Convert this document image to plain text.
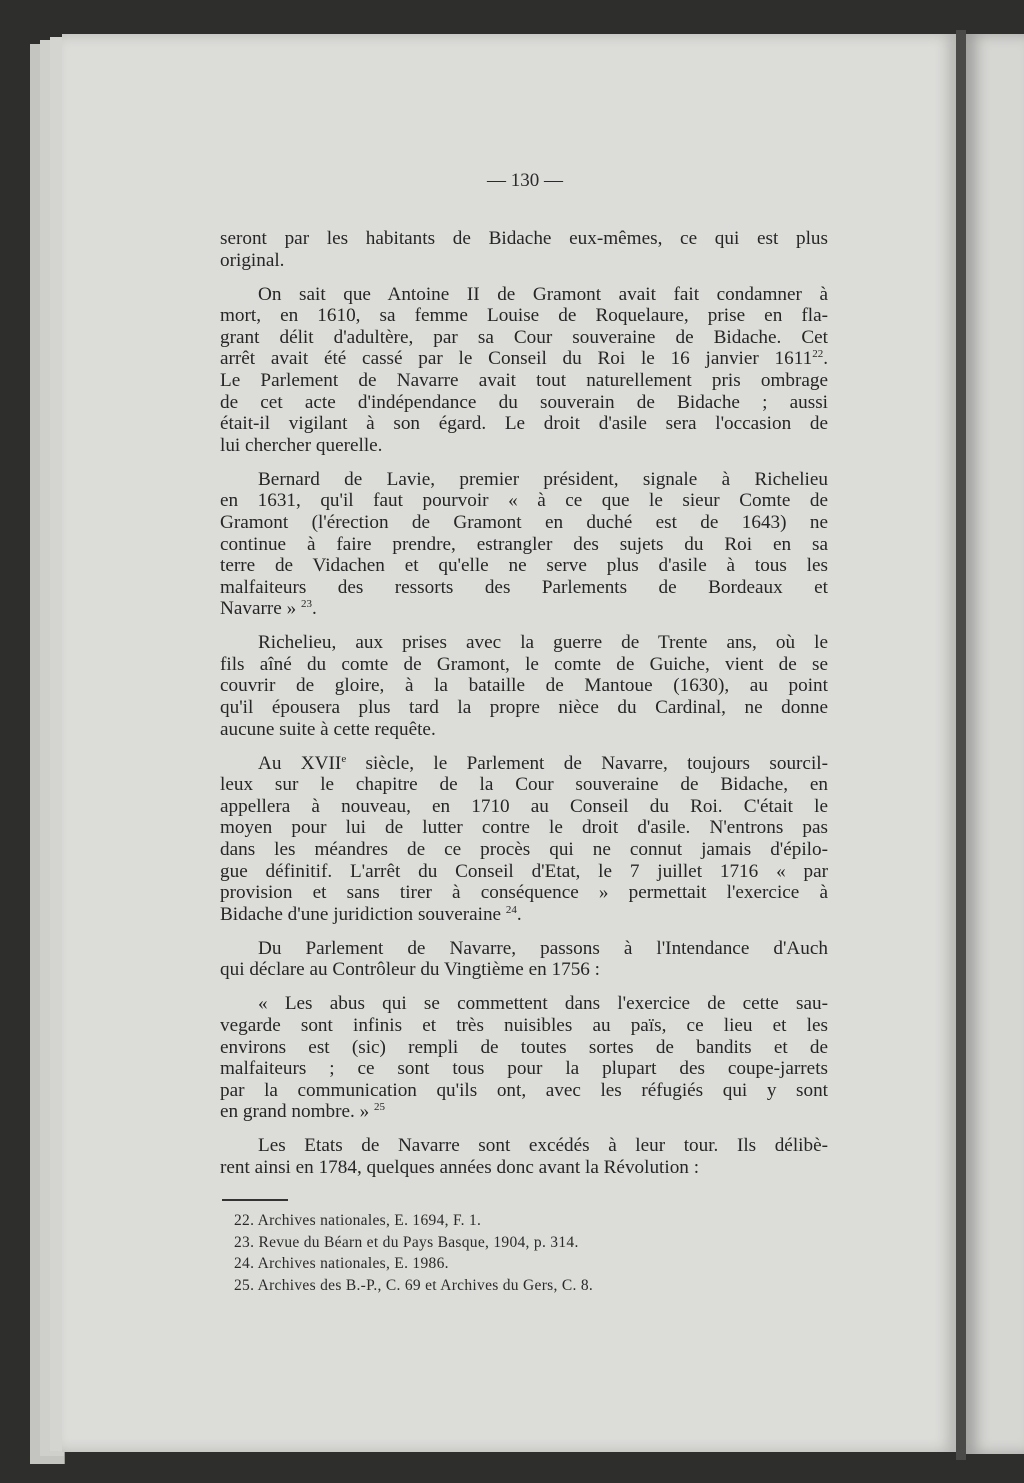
— 130 —
seront par les habitants de Bidache eux-mêmes, ce qui est plus
original.
On sait que Antoine II de Gramont avait fait condamner à
mort, en 1610, sa femme Louise de Roquelaure, prise en fla-
grant délit d'adultère, par sa Cour souveraine de Bidache. Cet
arrêt avait été cassé par le Conseil du Roi le 16 janvier 1611$^{22}$.
Le Parlement de Navarre avait tout naturellement pris ombrage
de cet acte d'indépendance du souverain de Bidache ; aussi
était-il vigilant à son égard. Le droit d'asile sera l'occasion de
lui chercher querelle.
Bernard de Lavie, premier président, signale à Richelieu
en 1631, qu'il faut pourvoir « à ce que le sieur Comte de
Gramont (l'érection de Gramont en duché est de 1643) ne
continue à faire prendre, estrangler des sujets du Roi en sa
terre de Vidachen et qu'elle ne serve plus d'asile à tous les
malfaiteurs des ressorts des Parlements de Bordeaux et
Navarre » $^{23}$.
Richelieu, aux prises avec la guerre de Trente ans, où le
fils aîné du comte de Gramont, le comte de Guiche, vient de se
couvrir de gloire, à la bataille de Mantoue (1630), au point
qu'il épousera plus tard la propre nièce du Cardinal, ne donne
aucune suite à cette requête.
Au XVIIe siècle, le Parlement de Navarre, toujours sourcil-
leux sur le chapitre de la Cour souveraine de Bidache, en
appellera à nouveau, en 1710 au Conseil du Roi. C'était le
moyen pour lui de lutter contre le droit d'asile. N'entrons pas
dans les méandres de ce procès qui ne connut jamais d'épilo-
gue définitif. L'arrêt du Conseil d'Etat, le 7 juillet 1716 « par
provision et sans tirer à conséquence » permettait l'exercice à
Bidache d'une juridiction souveraine $^{24}$.
Du Parlement de Navarre, passons à l'Intendance d'Auch
qui déclare au Contrôleur du Vingtième en 1756 :
« Les abus qui se commettent dans l'exercice de cette sau-
vegarde sont infinis et très nuisibles au païs, ce lieu et les
environs est (sic) rempli de toutes sortes de bandits et de
malfaiteurs ; ce sont tous pour la plupart des coupe-jarrets
par la communication qu'ils ont, avec les réfugiés qui y sont
en grand nombre. » $^{25}$
Les Etats de Navarre sont excédés à leur tour. Ils délibè-
rent ainsi en 1784, quelques années donc avant la Révolution :
22. Archives nationales, E. 1694, F. 1.
23. Revue du Béarn et du Pays Basque, 1904, p. 314.
24. Archives nationales, E. 1986.
25. Archives des B.-P., C. 69 et Archives du Gers, C. 8.
